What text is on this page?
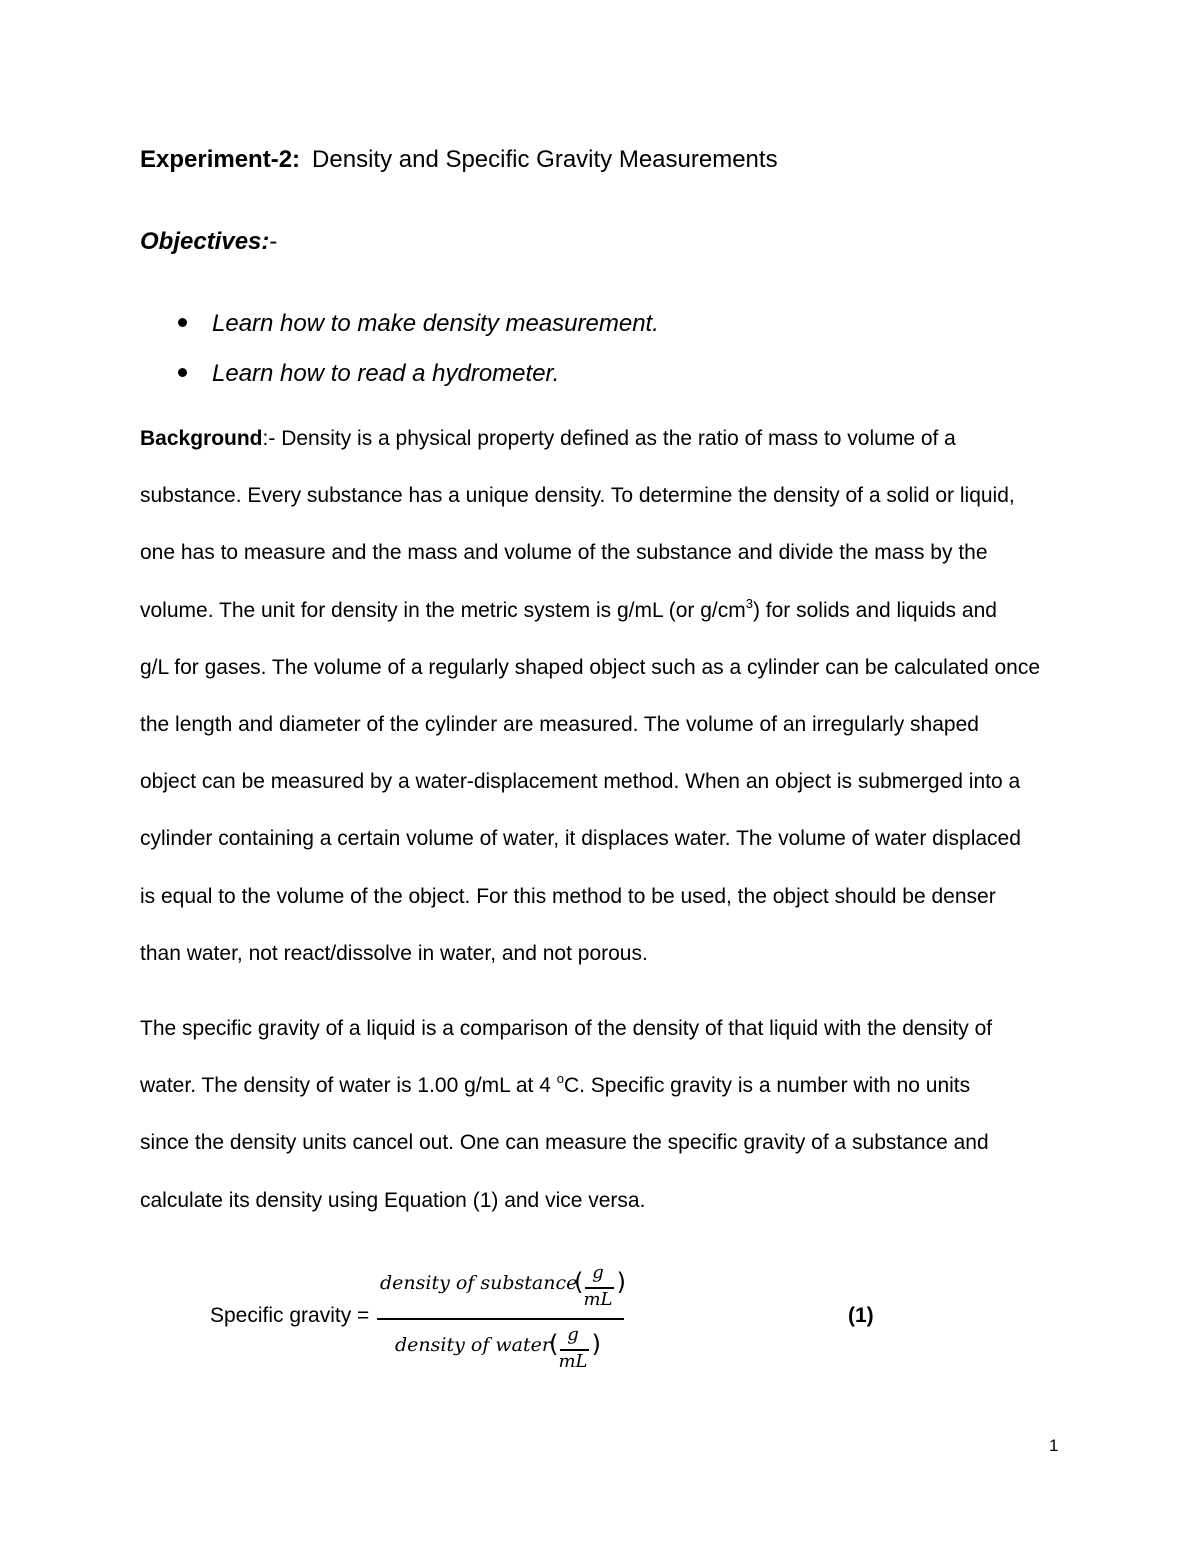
Experiment-2: Density and Specific Gravity Measurements
Objectives:-
Learn how to make density measurement.
Learn how to read a hydrometer.
Background:- Density is a physical property defined as the ratio of mass to volume of a
substance. Every substance has a unique density. To determine the density of a solid or liquid,
one has to measure and the mass and volume of the substance and divide the mass by the
volume. The unit for density in the metric system is g/mL (or $g/cm^3$) for solids and liquids and
g/L for gases. The volume of a regularly shaped object such as a cylinder can be calculated once
the length and diameter of the cylinder are measured. The volume of an irregularly shaped
object can be measured by a water-displacement method. When an object is submerged into a
cylinder containing a certain volume of water, it displaces water. The volume of water displaced
is equal to the volume of the object. For this method to be used, the object should be denser
than water, not react/dissolve in water, and not porous.
The specific gravity of a liquid is a comparison of the density of that liquid with the density of
water. The density of water is 1.00 g/mL at 4 $^o$C. Specific gravity is a number with no units
since the density units cancel out. One can measure the specific gravity of a substance and
calculate its density using Equation (1) and vice versa.
Specific gravity =
density of substance
( g
mL
)
density of water
( g
mL
)
(1)
1
